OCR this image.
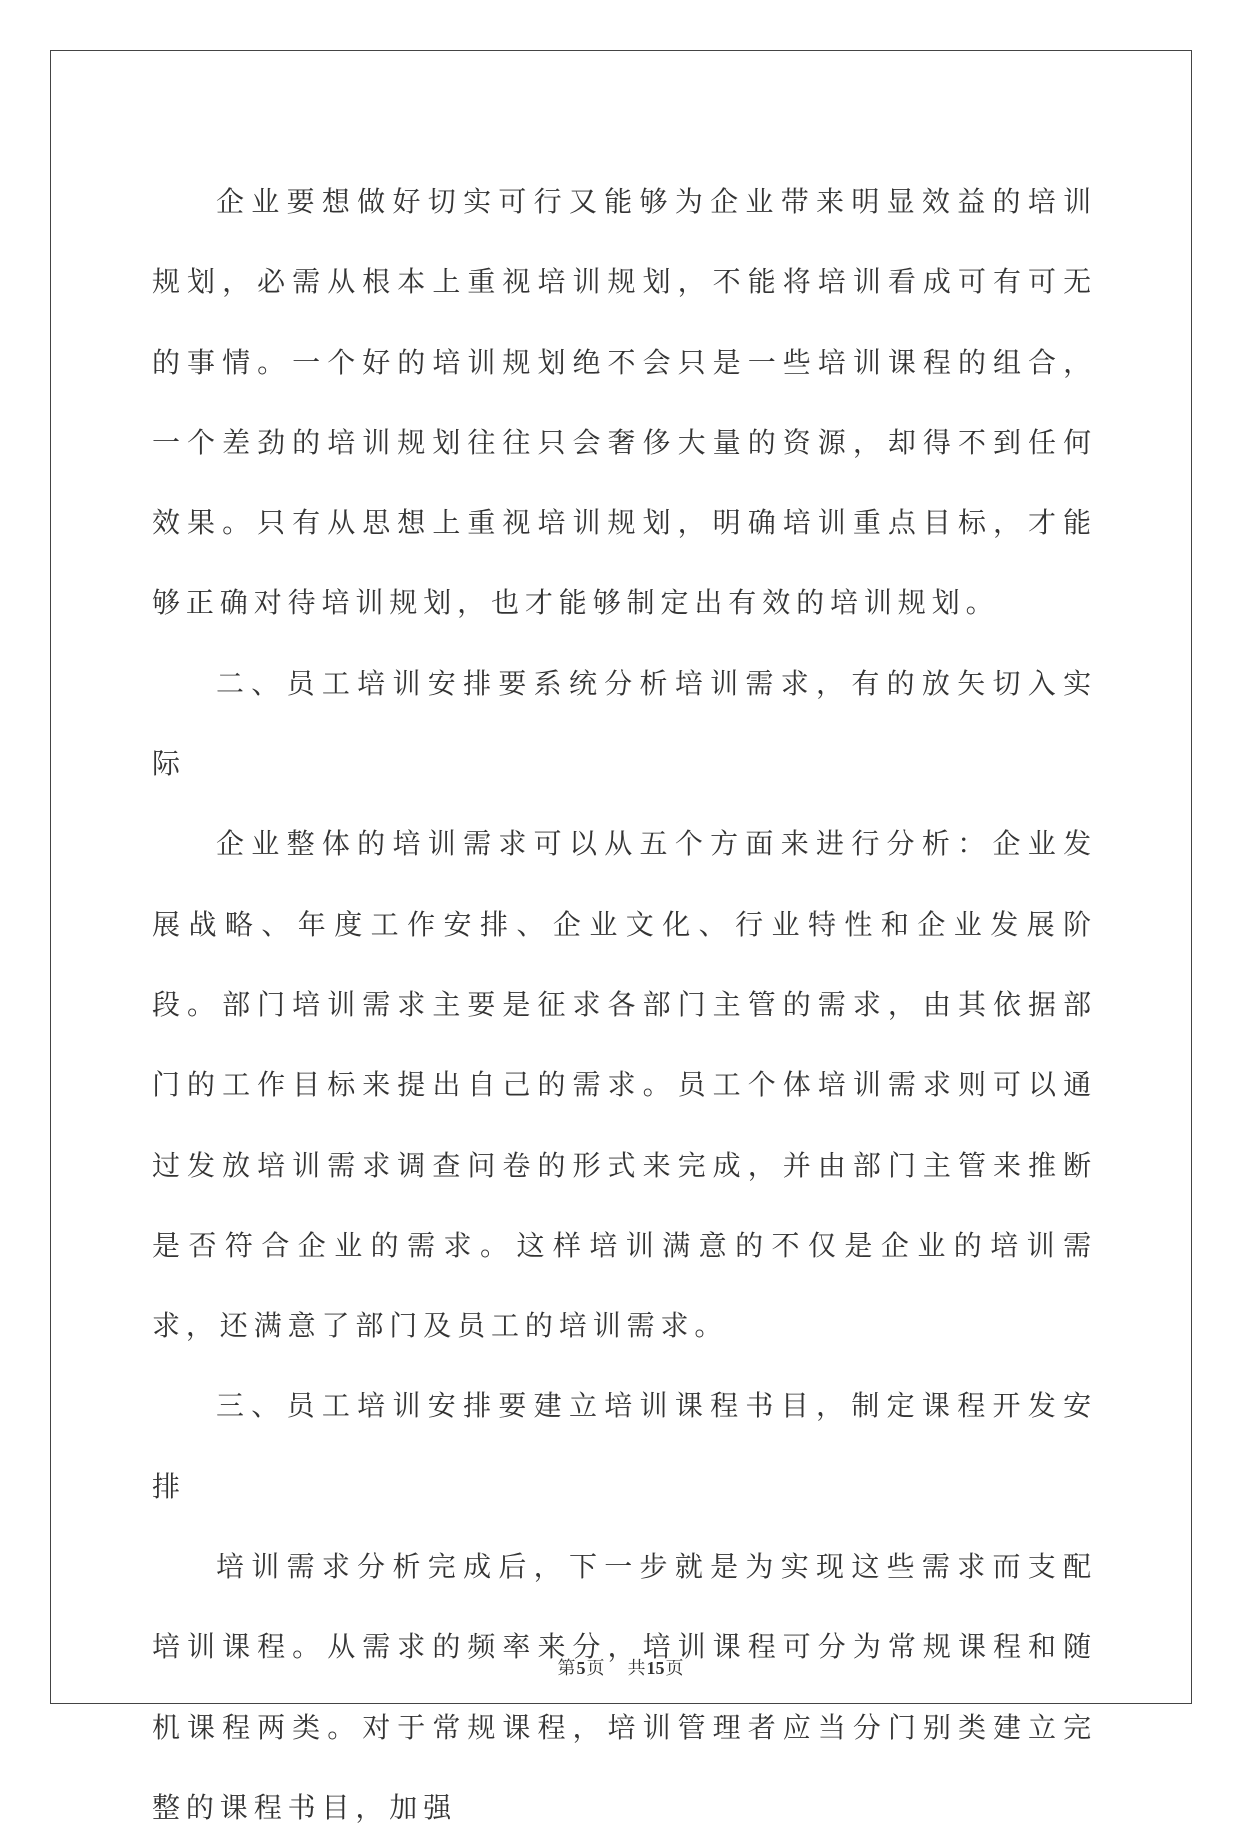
企业要想做好切实可行又能够为企业带来明显效益的培训规划，必需从根本上重视培训规划，不能将培训看成可有可无的事情。一个好的培训规划绝不会只是一些培训课程的组合，一个差劲的培训规划往往只会奢侈大量的资源，却得不到任何效果。只有从思想上重视培训规划，明确培训重点目标，才能够正确对待培训规划，也才能够制定出有效的培训规划。

二、员工培训安排要系统分析培训需求，有的放矢切入实际

企业整体的培训需求可以从五个方面来进行分析：企业发展战略、年度工作安排、企业文化、行业特性和企业发展阶段。部门培训需求主要是征求各部门主管的需求，由其依据部门的工作目标来提出自己的需求。员工个体培训需求则可以通过发放培训需求调查问卷的形式来完成，并由部门主管来推断是否符合企业的需求。这样培训满意的不仅是企业的培训需求，还满意了部门及员工的培训需求。

三、员工培训安排要建立培训课程书目，制定课程开发安排

培训需求分析完成后，下一步就是为实现这些需求而支配培训课程。从需求的频率来分，培训课程可分为常规课程和随机课程两类。对于常规课程，培训管理者应当分门别类建立完整的课程书目，加强

第5页 共15页
